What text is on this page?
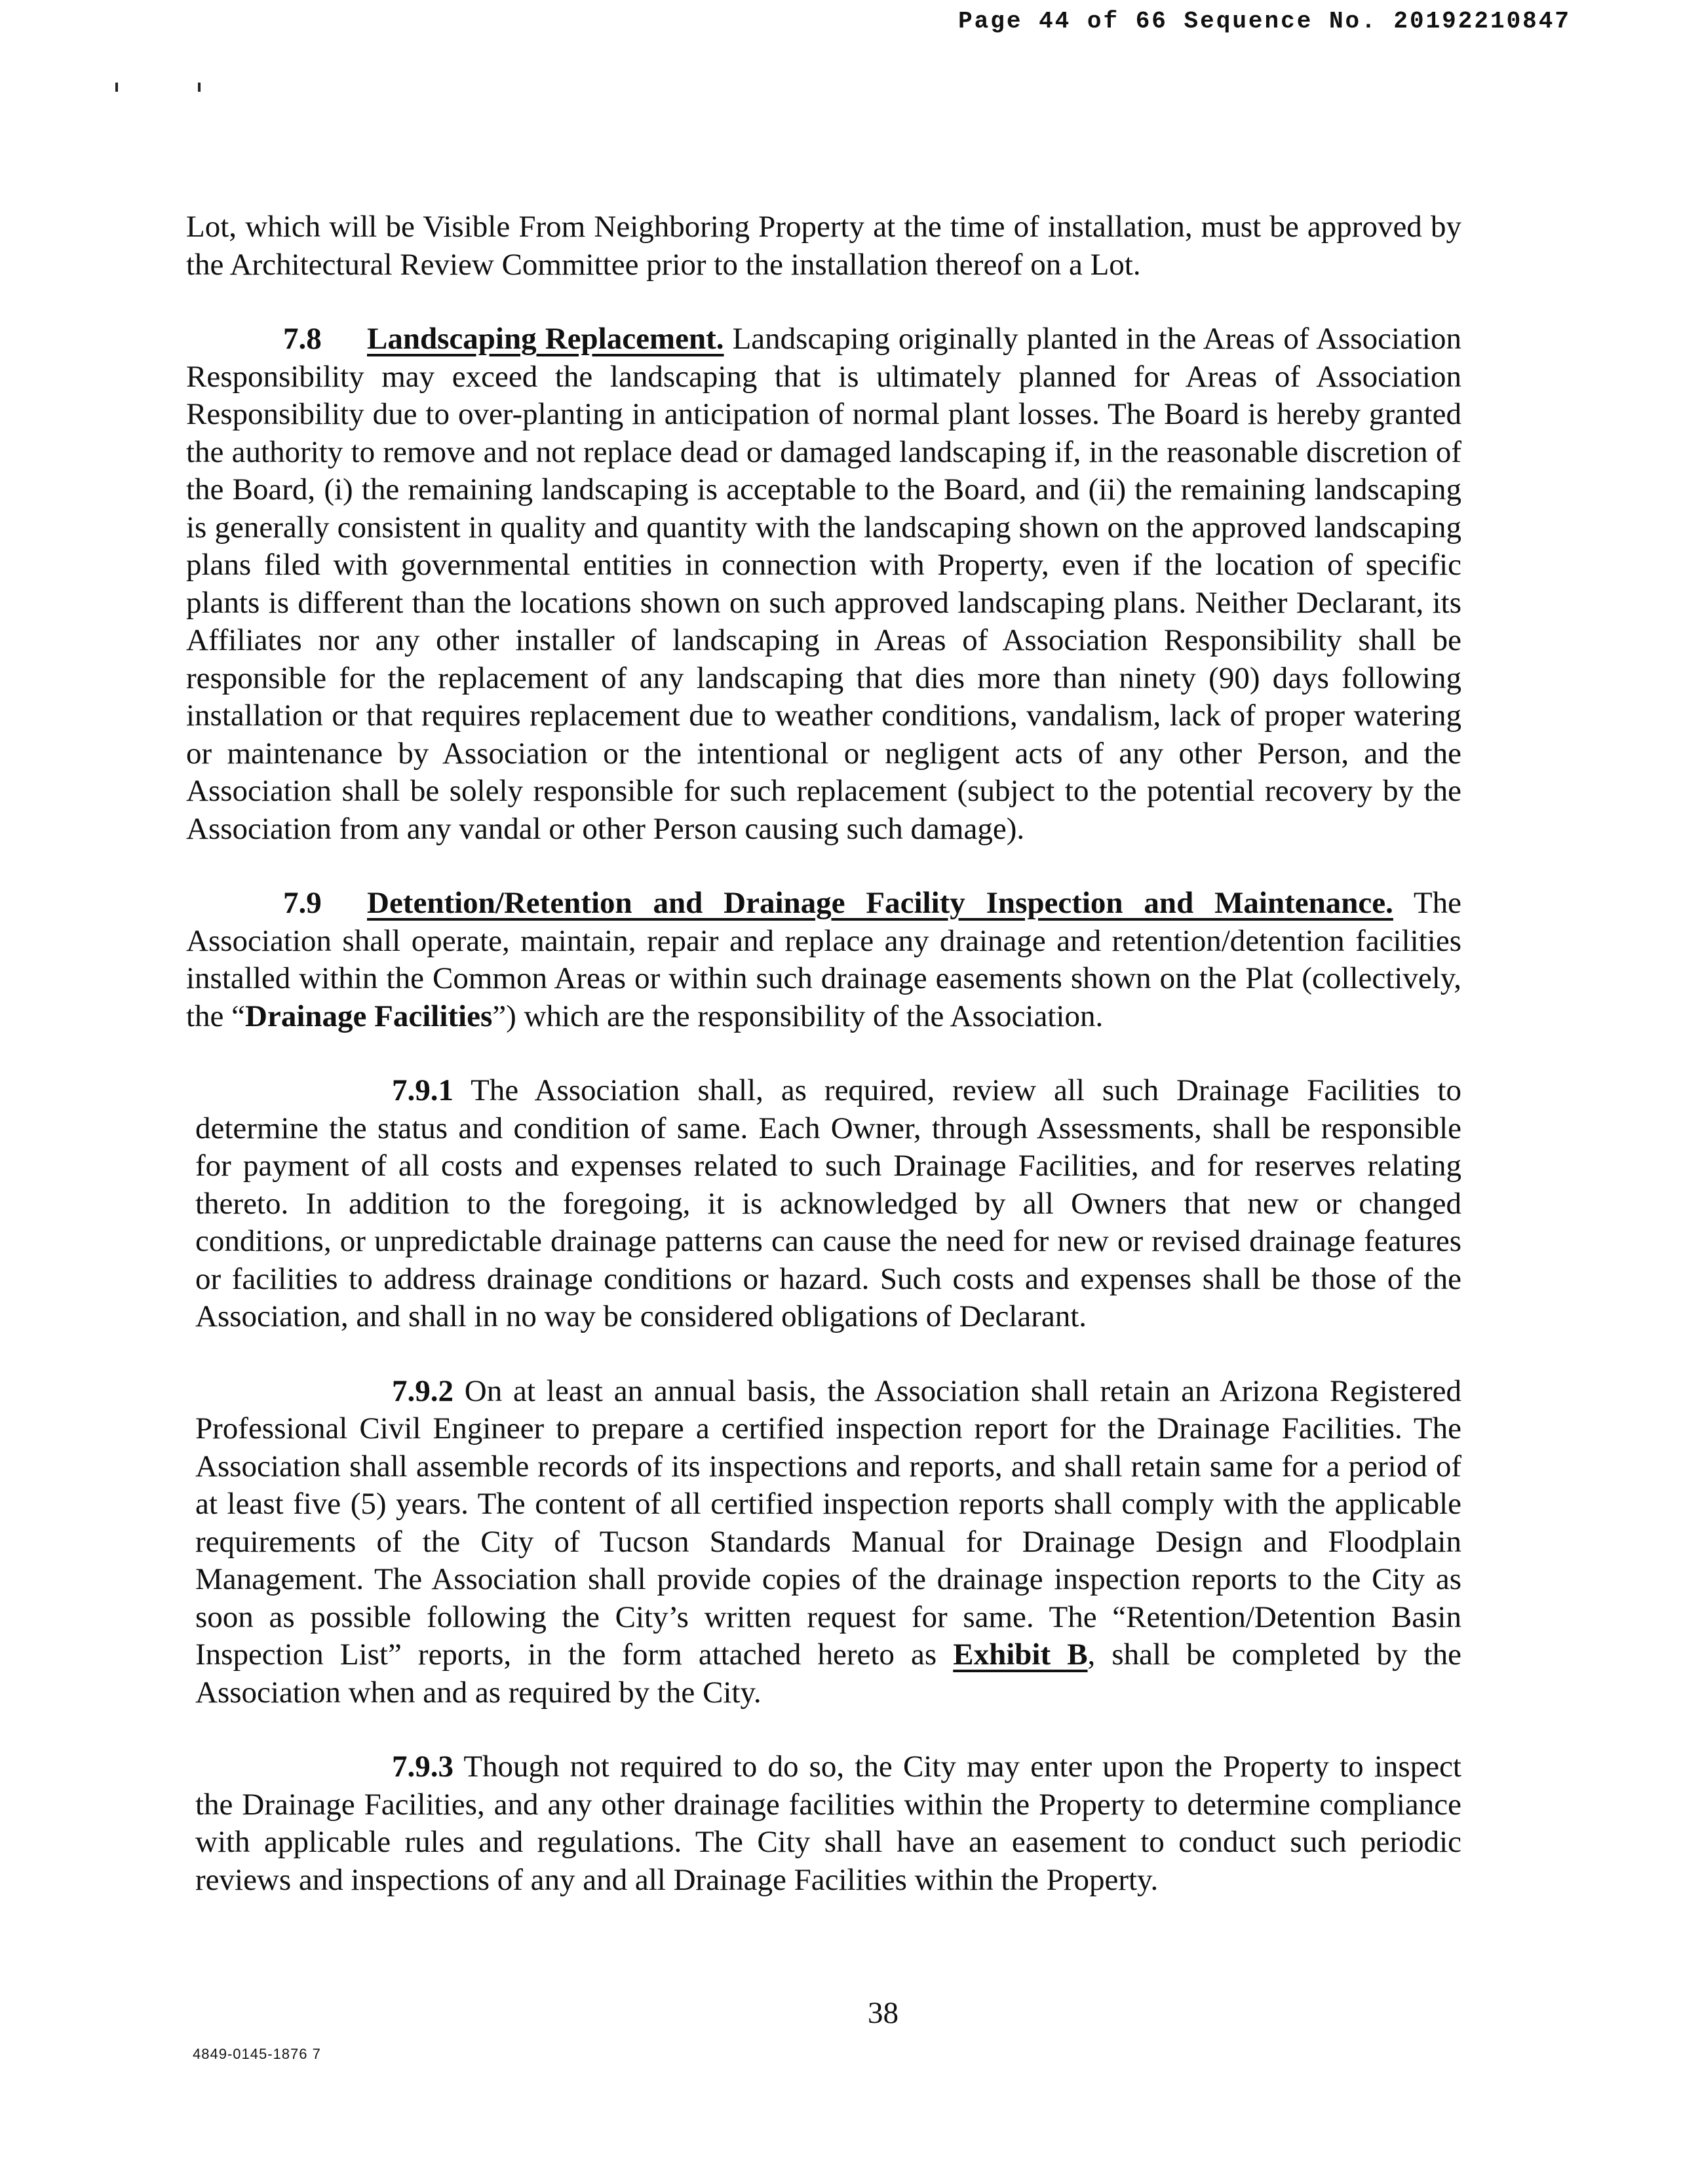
Page 44 of 66 Sequence No. 20192210847

Lot, which will be Visible From Neighboring Property at the time of installation, must be approved by the Architectural Review Committee prior to the installation thereof on a Lot.

7.8 Landscaping Replacement. Landscaping originally planted in the Areas of Association Responsibility may exceed the landscaping that is ultimately planned for Areas of Association Responsibility due to over-planting in anticipation of normal plant losses. The Board is hereby granted the authority to remove and not replace dead or damaged landscaping if, in the reasonable discretion of the Board, (i) the remaining landscaping is acceptable to the Board, and (ii) the remaining landscaping is generally consistent in quality and quantity with the landscaping shown on the approved landscaping plans filed with governmental entities in connection with Property, even if the location of specific plants is different than the locations shown on such approved landscaping plans. Neither Declarant, its Affiliates nor any other installer of landscaping in Areas of Association Responsibility shall be responsible for the replacement of any landscaping that dies more than ninety (90) days following installation or that requires replacement due to weather conditions, vandalism, lack of proper watering or maintenance by Association or the intentional or negligent acts of any other Person, and the Association shall be solely responsible for such replacement (subject to the potential recovery by the Association from any vandal or other Person causing such damage).

7.9 Detention/Retention and Drainage Facility Inspection and Maintenance. The Association shall operate, maintain, repair and replace any drainage and retention/detention facilities installed within the Common Areas or within such drainage easements shown on the Plat (collectively, the “Drainage Facilities”) which are the responsibility of the Association.

7.9.1 The Association shall, as required, review all such Drainage Facilities to determine the status and condition of same. Each Owner, through Assessments, shall be responsible for payment of all costs and expenses related to such Drainage Facilities, and for reserves relating thereto. In addition to the foregoing, it is acknowledged by all Owners that new or changed conditions, or unpredictable drainage patterns can cause the need for new or revised drainage features or facilities to address drainage conditions or hazard. Such costs and expenses shall be those of the Association, and shall in no way be considered obligations of Declarant.

7.9.2 On at least an annual basis, the Association shall retain an Arizona Registered Professional Civil Engineer to prepare a certified inspection report for the Drainage Facilities. The Association shall assemble records of its inspections and reports, and shall retain same for a period of at least five (5) years. The content of all certified inspection reports shall comply with the applicable requirements of the City of Tucson Standards Manual for Drainage Design and Floodplain Management. The Association shall provide copies of the drainage inspection reports to the City as soon as possible following the City’s written request for same. The “Retention/Detention Basin Inspection List” reports, in the form attached hereto as Exhibit B, shall be completed by the Association when and as required by the City.

7.9.3 Though not required to do so, the City may enter upon the Property to inspect the Drainage Facilities, and any other drainage facilities within the Property to determine compliance with applicable rules and regulations. The City shall have an easement to conduct such periodic reviews and inspections of any and all Drainage Facilities within the Property.

38
4849-0145-1876 7
